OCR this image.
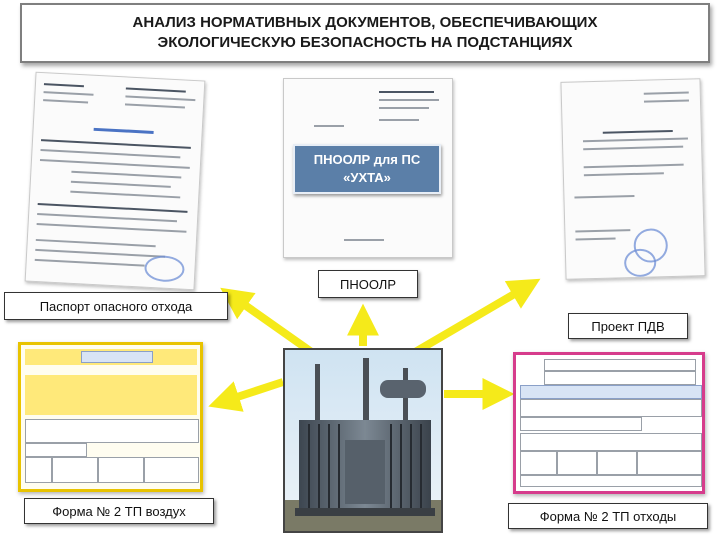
АНАЛИЗ НОРМАТИВНЫХ ДОКУМЕНТОВ, ОБЕСПЕЧИВАЮЩИХ
ЭКОЛОГИЧЕСКУЮ БЕЗОПАСНОСТЬ НА ПОДСТАНЦИЯХ
ПНООЛР для ПС
«УХТА»
ПНООЛР
Паспорт опасного отхода
Проект ПДВ
Форма № 2 ТП воздух	Форма № 2 ТП отходы
